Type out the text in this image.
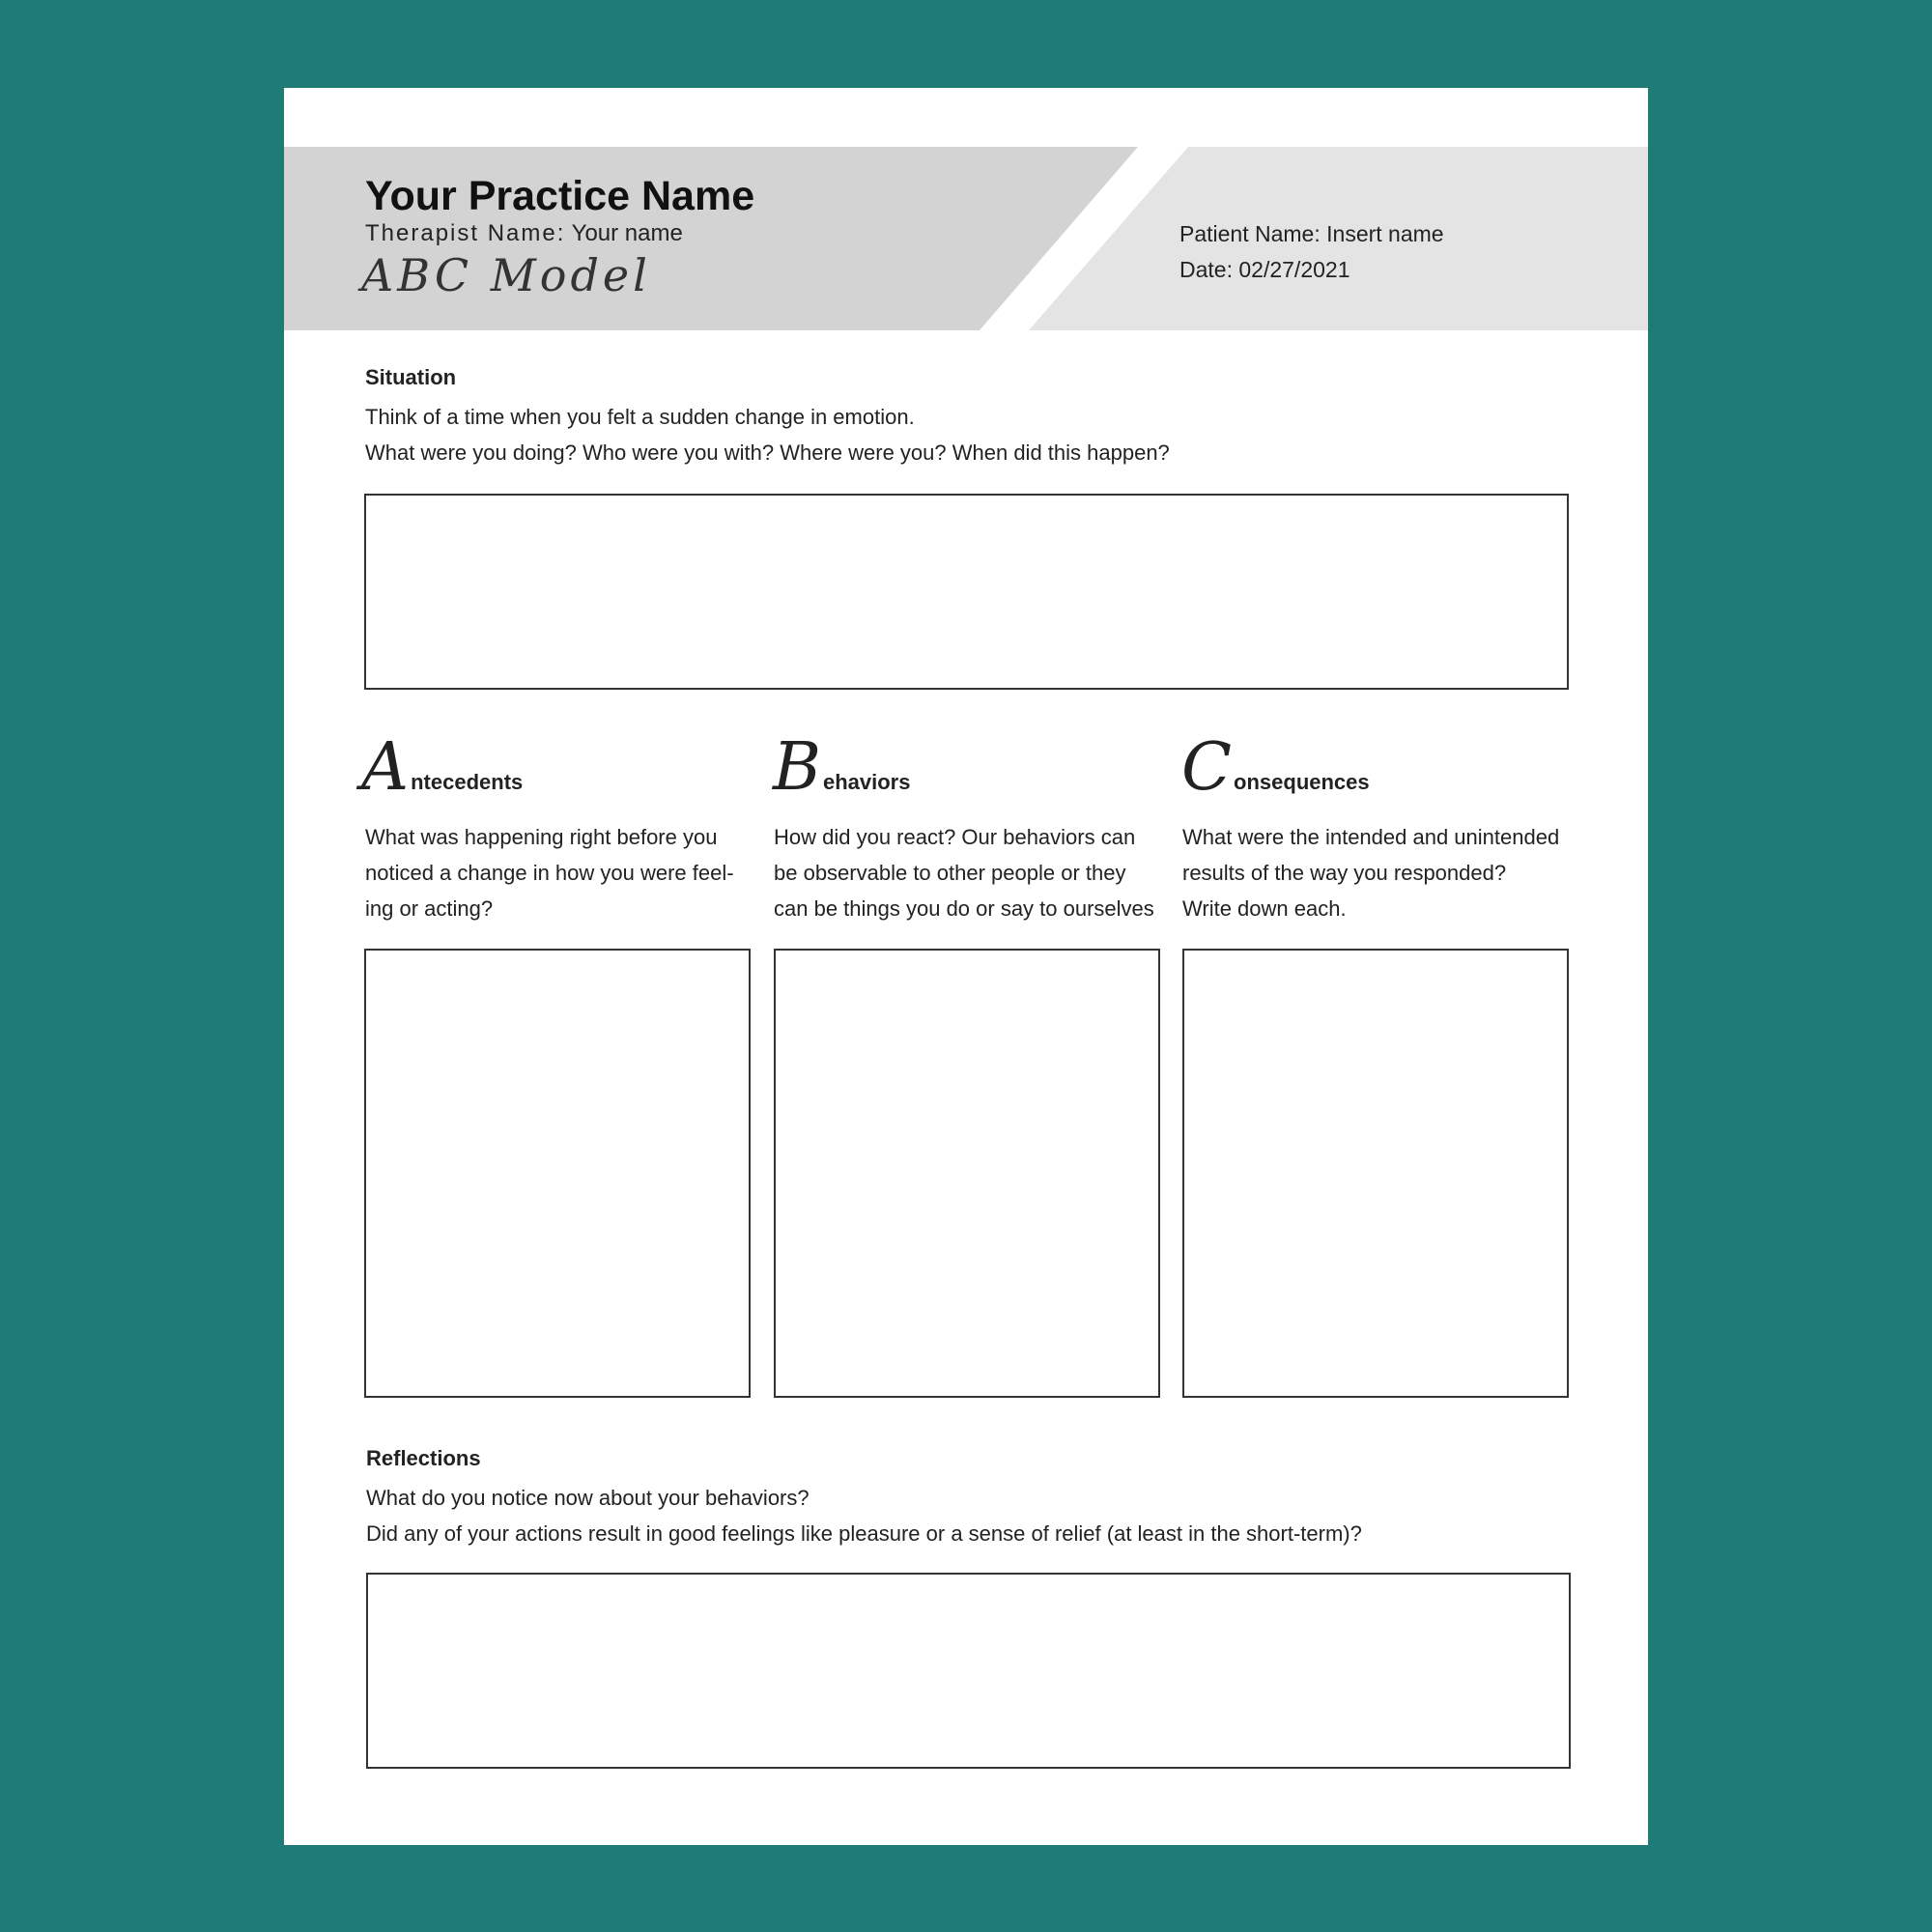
Your Practice Name
Therapist Name: Your name
ABC Model
Patient Name: Insert name
Date: 02/27/2021
Situation
Think of a time when you felt a sudden change in emotion.
What were you doing? Who were you with? Where were you? When did this happen?
Antecedents
What was happening right before you
noticed a change in how you were feel-
ing or acting?
Behaviors
How did you react? Our behaviors can
be observable to other people or they
can be things you do or say to ourselves
Consequences
What were the intended and unintended
results of the way you responded?
Write down each.
Reflections
What do you notice now about your behaviors?
Did any of your actions result in good feelings like pleasure or a sense of relief (at least in the short-term)?
